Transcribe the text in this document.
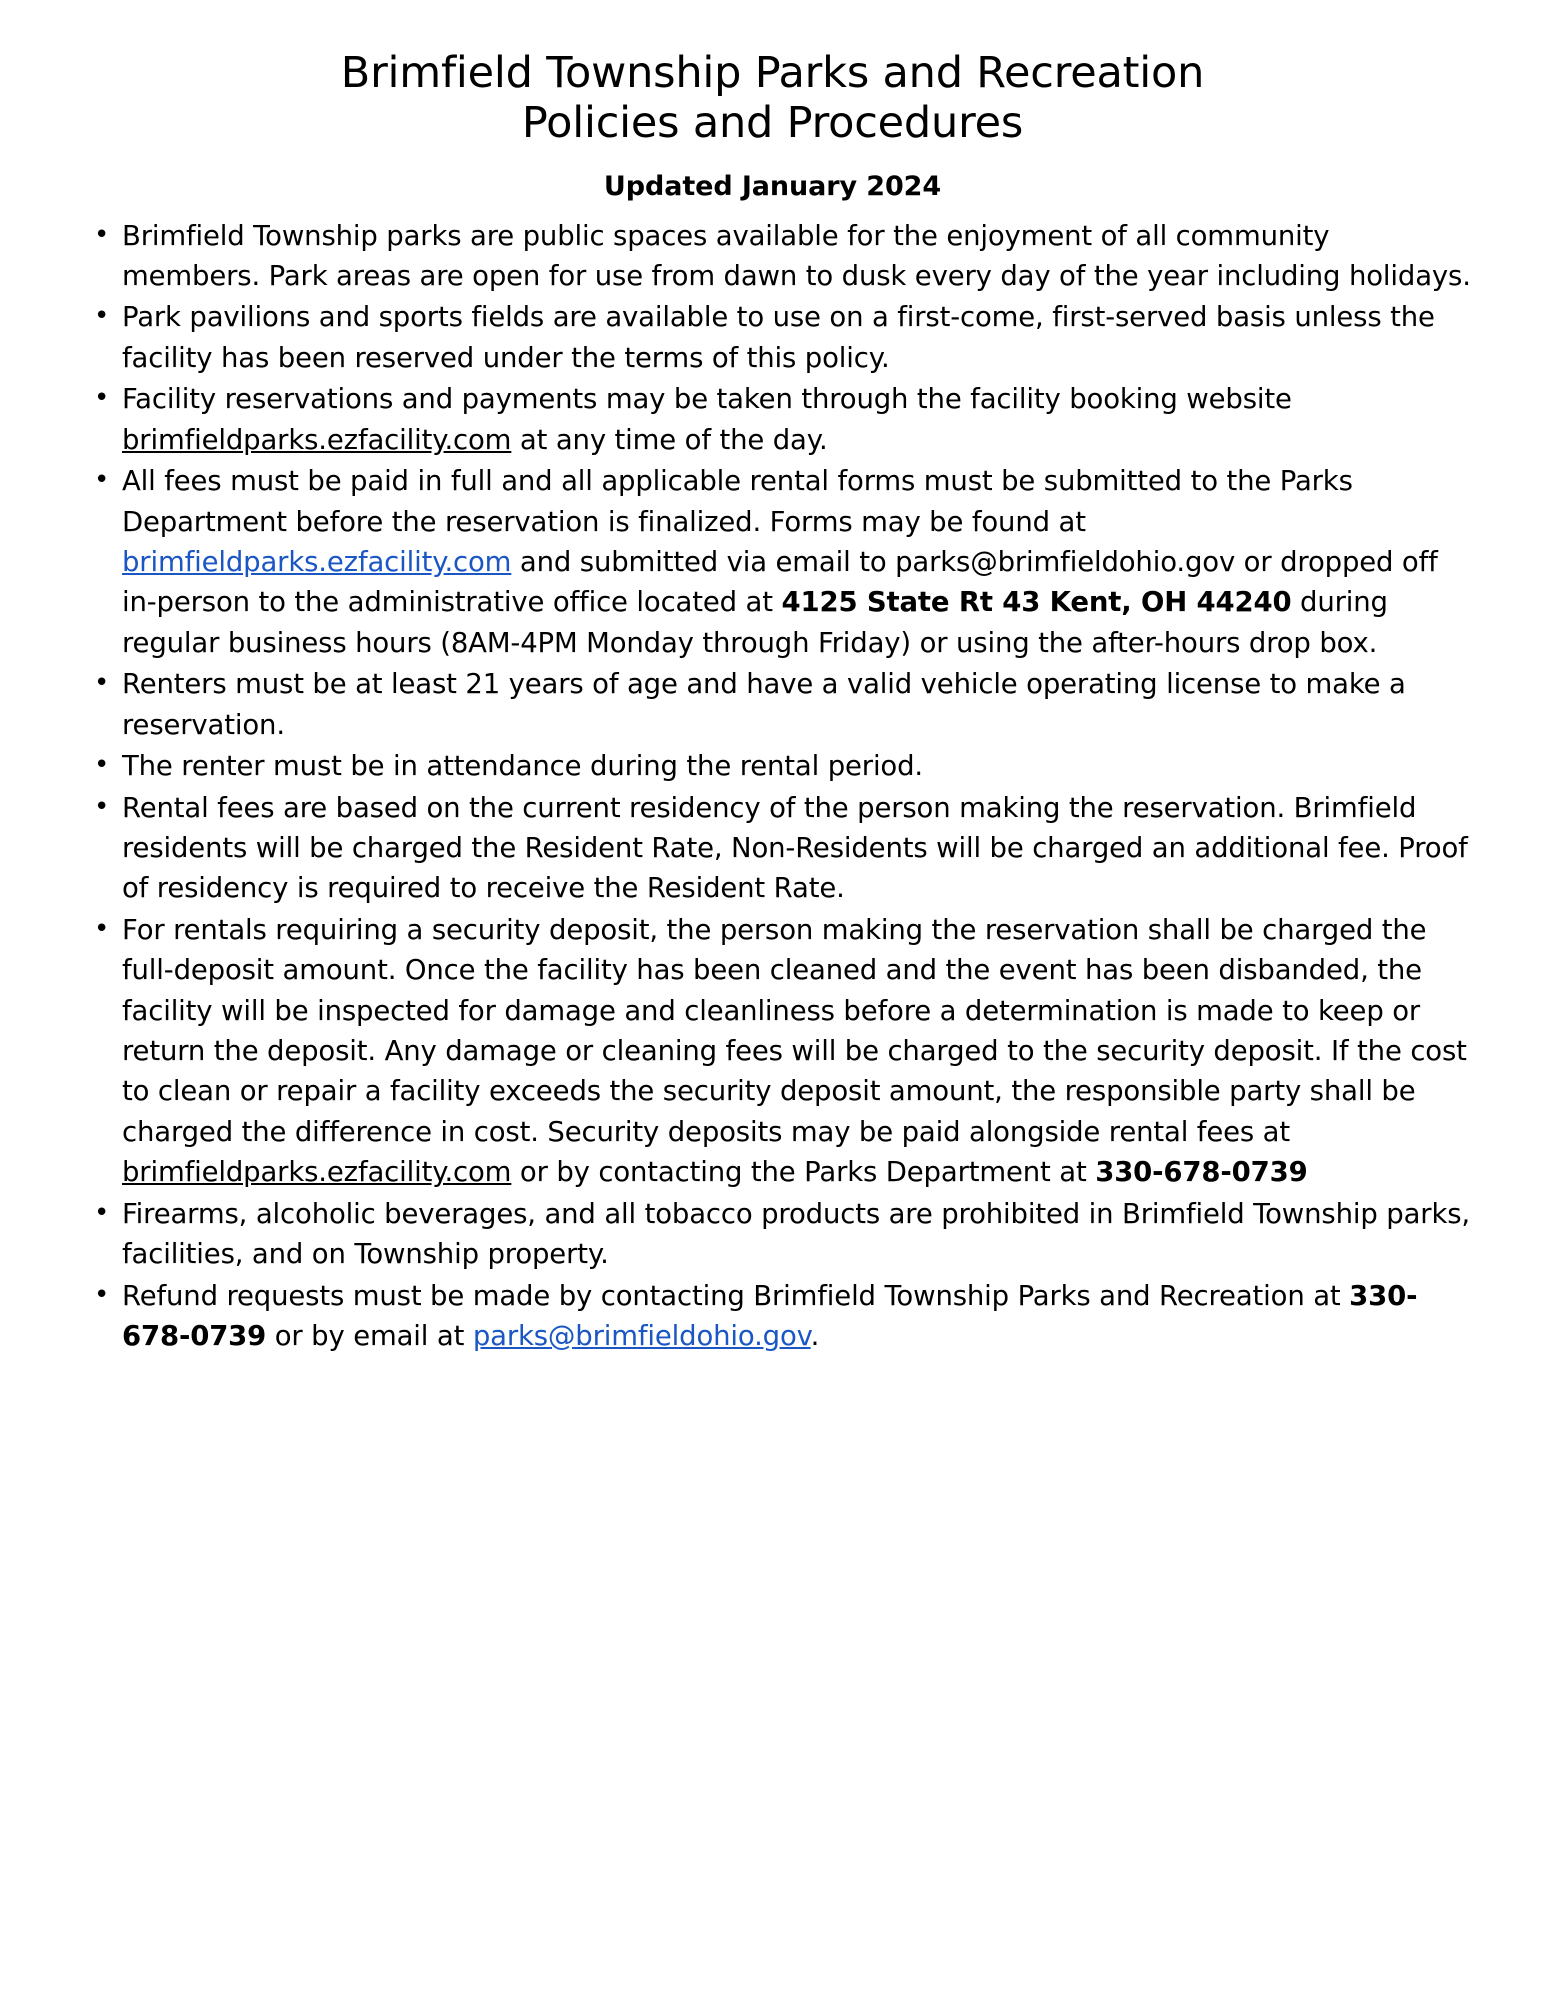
Brimfield Township Parks and Recreation
Policies and Procedures
Updated January 2024
• Brimfield Township parks are public spaces available for the enjoyment of all community members. Park areas are open for use from dawn to dusk every day of the year including holidays.
• Park pavilions and sports fields are available to use on a first-come, first-served basis unless the facility has been reserved under the terms of this policy.
• Facility reservations and payments may be taken through the facility booking website brimfieldparks.ezfacility.com at any time of the day.
• All fees must be paid in full and all applicable rental forms must be submitted to the Parks Department before the reservation is finalized. Forms may be found at brimfieldparks.ezfacility.com and submitted via email to parks@brimfieldohio.gov or dropped off in-person to the administrative office located at 4125 State Rt 43 Kent, OH 44240 during regular business hours (8AM-4PM Monday through Friday) or using the after-hours drop box.
• Renters must be at least 21 years of age and have a valid vehicle operating license to make a reservation.
• The renter must be in attendance during the rental period.
• Rental fees are based on the current residency of the person making the reservation. Brimfield residents will be charged the Resident Rate, Non-Residents will be charged an additional fee. Proof of residency is required to receive the Resident Rate.
• For rentals requiring a security deposit, the person making the reservation shall be charged the full-deposit amount. Once the facility has been cleaned and the event has been disbanded, the facility will be inspected for damage and cleanliness before a determination is made to keep or return the deposit. Any damage or cleaning fees will be charged to the security deposit. If the cost to clean or repair a facility exceeds the security deposit amount, the responsible party shall be charged the difference in cost. Security deposits may be paid alongside rental fees at brimfieldparks.ezfacility.com or by contacting the Parks Department at 330-678-0739
• Firearms, alcoholic beverages, and all tobacco products are prohibited in Brimfield Township parks, facilities, and on Township property.
• Refund requests must be made by contacting Brimfield Township Parks and Recreation at 330-678-0739 or by email at parks@brimfieldohio.gov.
